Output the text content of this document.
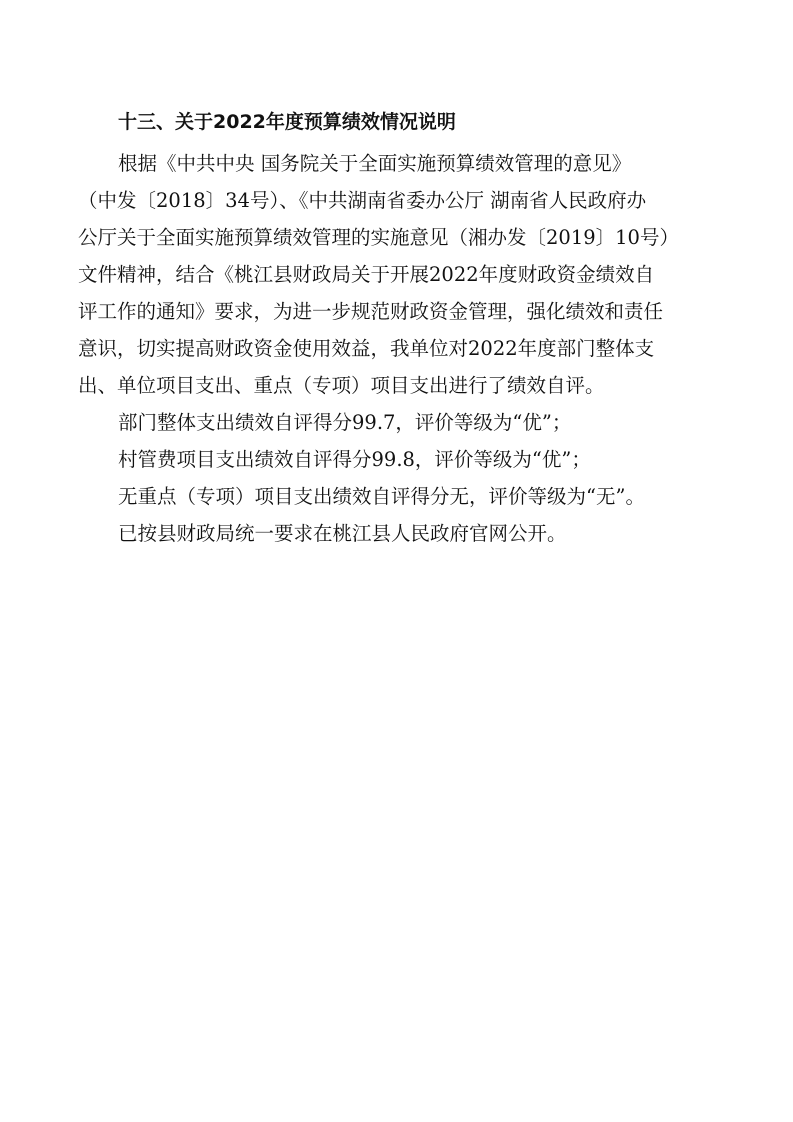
十三、关于2022年度预算绩效情况说明
根据《中共中央 国务院关于全面实施预算绩效管理的意见》
（中发〔2018〕34号）、《中共湖南省委办公厅 湖南省人民政府办
公厅关于全面实施预算绩效管理的实施意见（湘办发〔2019〕10号）
文件精神，结合《桃江县财政局关于开展2022年度财政资金绩效自
评工作的通知》要求，为进一步规范财政资金管理，强化绩效和责任
意识，切实提高财政资金使用效益，我单位对2022年度部门整体支
出、单位项目支出、重点（专项）项目支出进行了绩效自评。
部门整体支出绩效自评得分99.7，评价等级为“优”；
村管费项目支出绩效自评得分99.8，评价等级为“优”；
无重点（专项）项目支出绩效自评得分无，评价等级为“无”。
已按县财政局统一要求在桃江县人民政府官网公开。
